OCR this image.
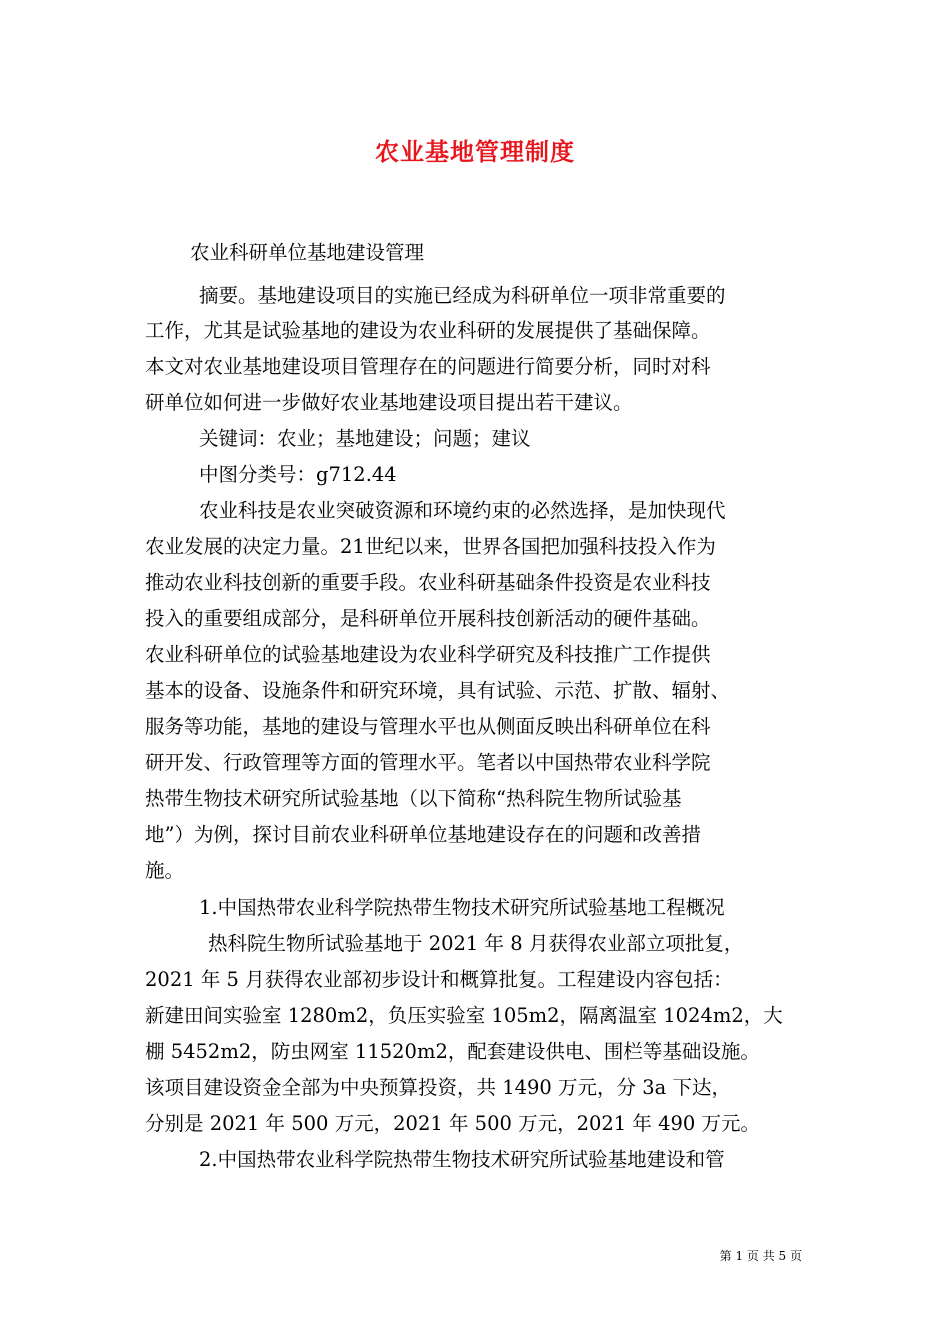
农业基地管理制度

农业科研单位基地建设管理

摘要。基地建设项目的实施已经成为科研单位一项非常重要的

工作，尤其是试验基地的建设为农业科研的发展提供了基础保障。

本文对农业基地建设项目管理存在的问题进行简要分析，同时对科

研单位如何进一步做好农业基地建设项目提出若干建议。

关键词：农业；基地建设；问题；建议

中图分类号：g712.44

农业科技是农业突破资源和环境约束的必然选择，是加快现代

农业发展的决定力量。21世纪以来，世界各国把加强科技投入作为

推动农业科技创新的重要手段。农业科研基础条件投资是农业科技

投入的重要组成部分，是科研单位开展科技创新活动的硬件基础。

农业科研单位的试验基地建设为农业科学研究及科技推广工作提供

基本的设备、设施条件和研究环境，具有试验、示范、扩散、辐射、

服务等功能，基地的建设与管理水平也从侧面反映出科研单位在科

研开发、行政管理等方面的管理水平。笔者以中国热带农业科学院

热带生物技术研究所试验基地（以下简称“热科院生物所试验基

地”）为例，探讨目前农业科研单位基地建设存在的问题和改善措

施。

1.中国热带农业科学院热带生物技术研究所试验基地工程概况

热科院生物所试验基地于 2021 年 8 月获得农业部立项批复，

2021 年 5 月获得农业部初步设计和概算批复。工程建设内容包括：

新建田间实验室 1280m2，负压实验室 105m2，隔离温室 1024m2，大

棚 5452m2，防虫网室 11520m2，配套建设供电、围栏等基础设施。

该项目建设资金全部为中央预算投资，共 1490 万元，分 3a 下达，

分别是 2021 年 500 万元，2021 年 500 万元，2021 年 490 万元。

2.中国热带农业科学院热带生物技术研究所试验基地建设和管

第 1 页 共 5 页
